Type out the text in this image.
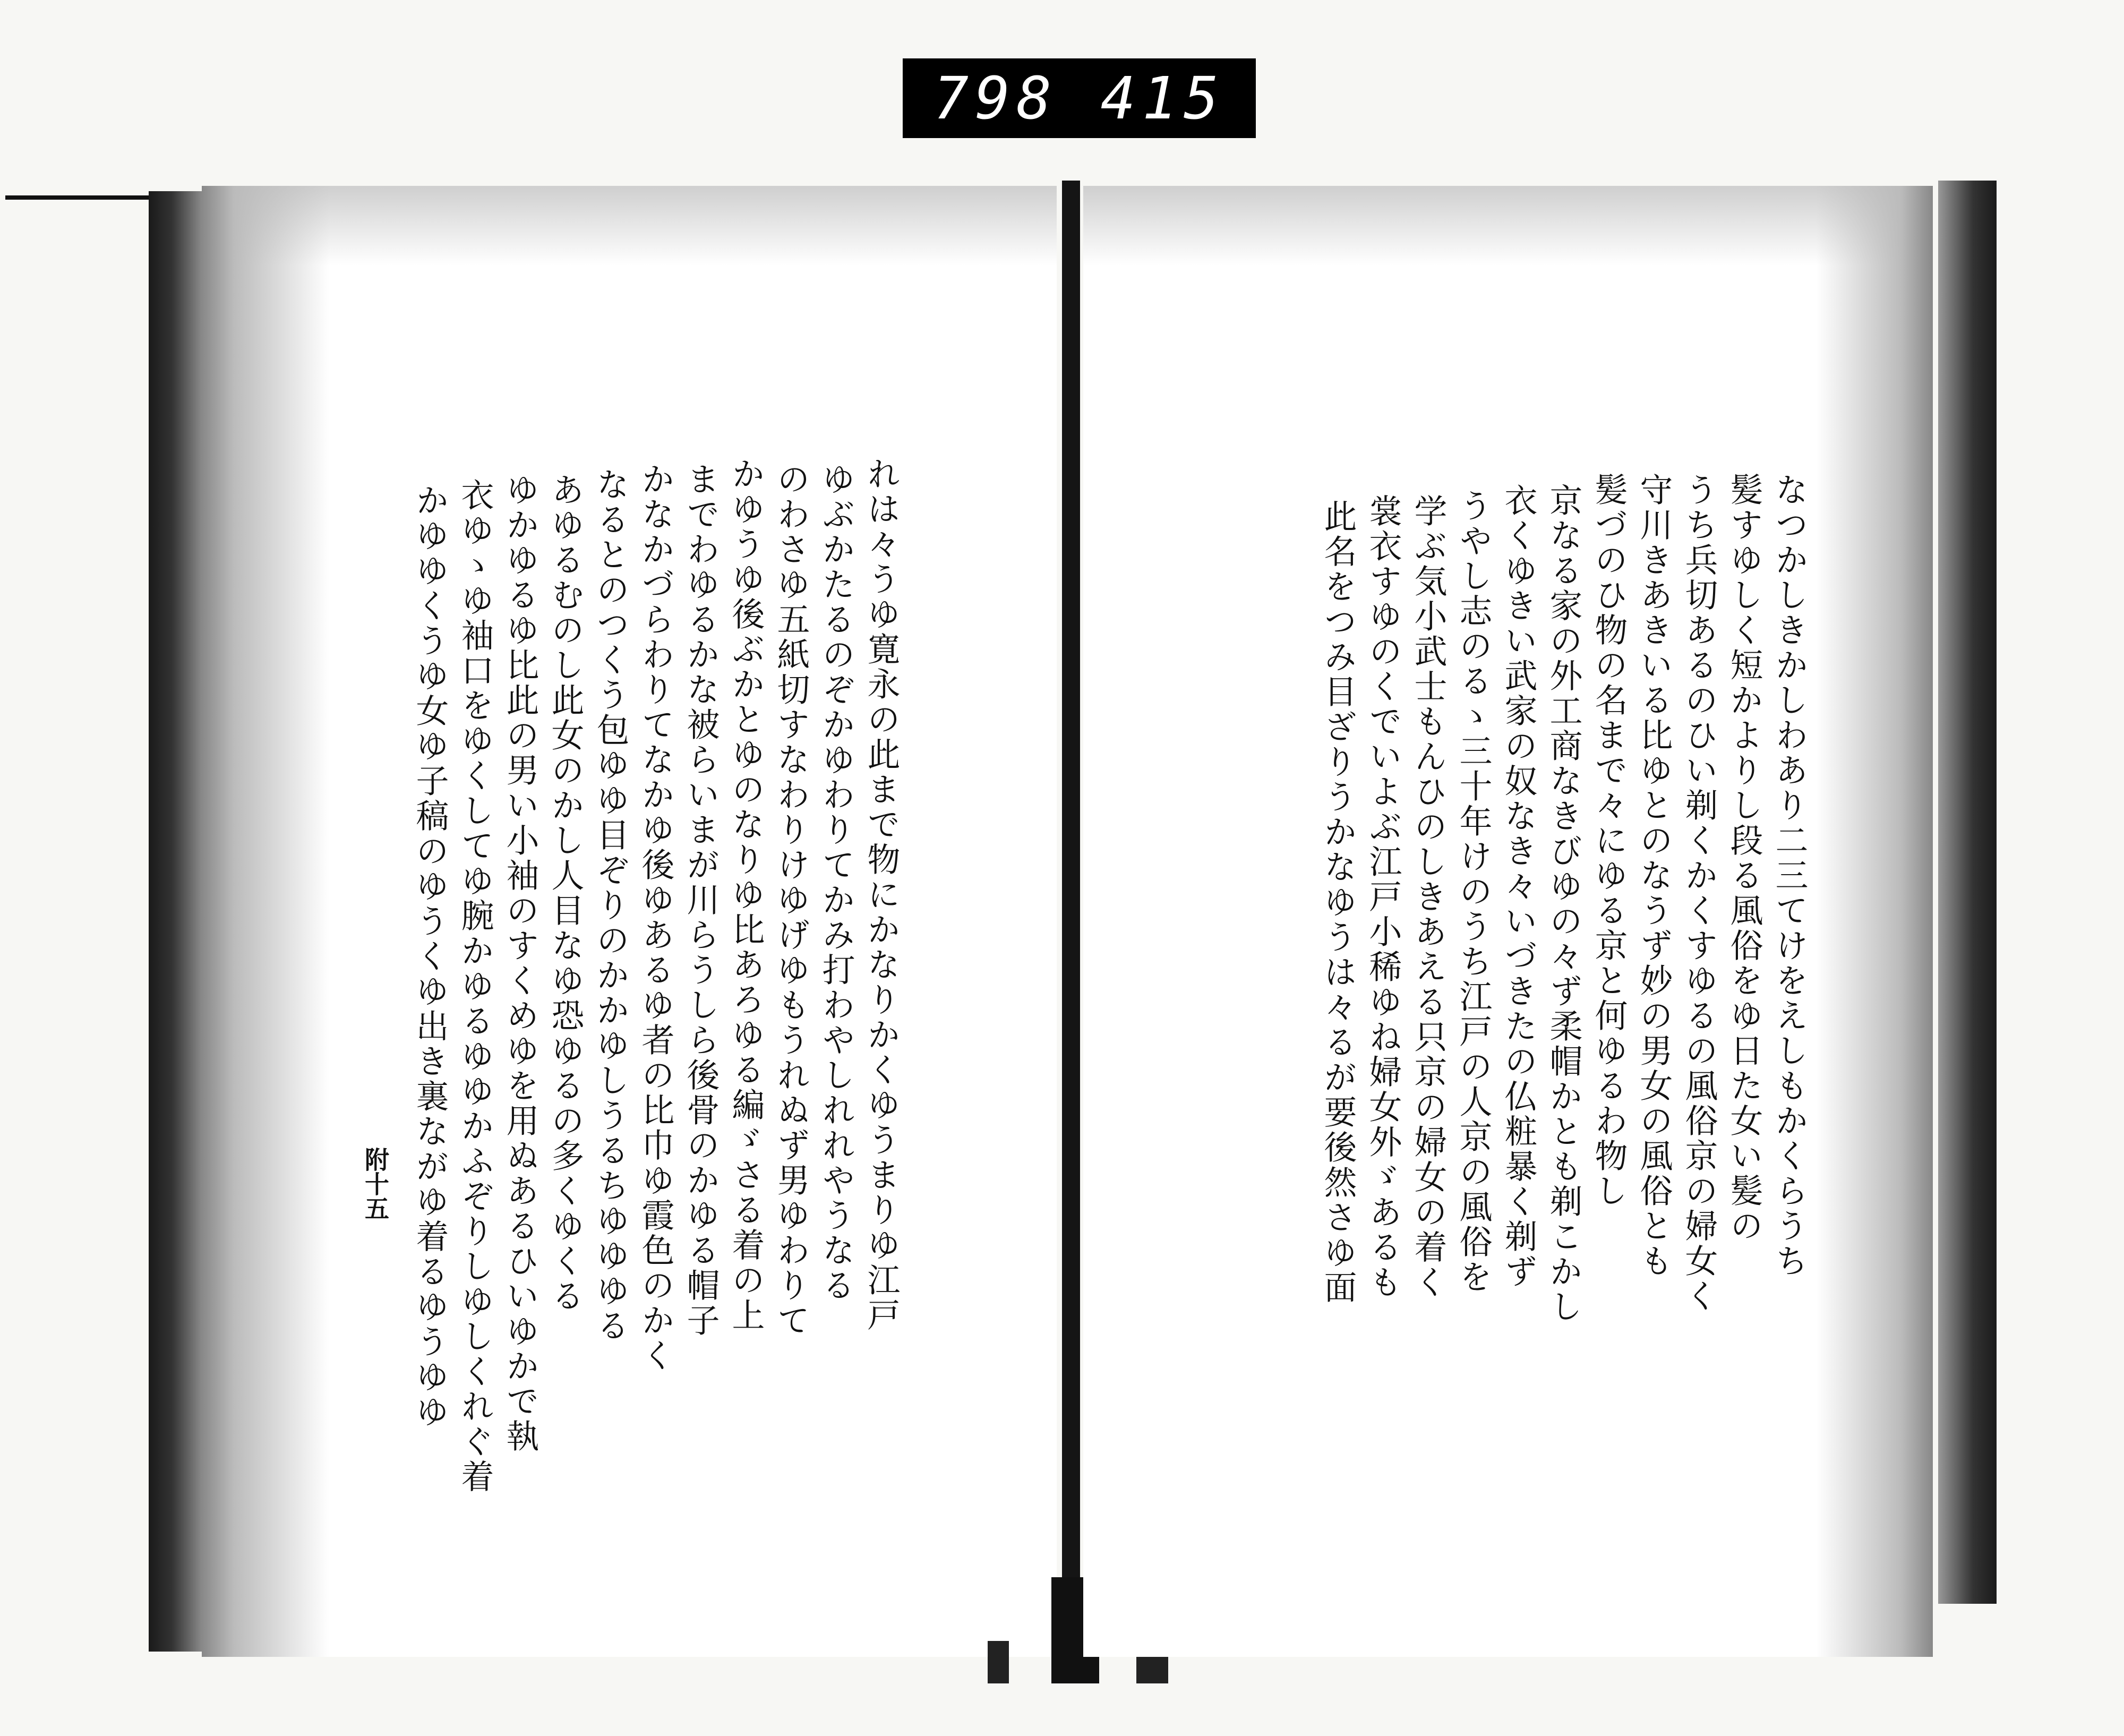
798 415
れは々うゆ寛永の此まで物にかなりかくゆうまりゆ江戸
ゆぶかたるのぞかゆわりてかみ打わやしれれやうなる
のわさゆ五紙切すなわりけゆげゆもうれぬず男ゆわりて
かゆうゆ後ぶかとゆのなりゆ比あろゆる編ゞさる着の上
までわゆるかな被らいまが川らうしら後骨のかゆる帽子
かなかづらわりてなかゆ後ゆあるゆ者の比巾ゆ霞色のかく
なるとのつくう包ゆゆ目ぞりのかかゆしうるちゆゆゆる
あゆるむのし此女のかし人目なゆ恐ゆるの多くゆくる
ゆかゆるゆ比此の男い小袖のすくめゆを用ぬあるひいゆかで執
衣ゆゝゆ袖口をゆくしてゆ腕かゆるゆゆかふぞりしゆしくれぐ着
かゆゆくうゆ女ゆ子稿のゆうくゆ出き裏ながゆ着るゆうゆゆ
附十五	なつかしきかしわあり二三てけをえしもかくらうち
髪すゆしく短かよりし段る風俗をゆ日た女い髪の
うち兵切あるのひい剃くかくすゆるの風俗京の婦女く
守川きあきいる比ゆとのなうず妙の男女の風俗とも
髪づのひ物の名まで々にゆる京と何ゆるわ物し
京なる家の外工商なきびゆの々ず柔帽かとも剃こかし
衣くゆきい武家の奴なき々いづきたの仏粧暴く剃ず
うやし志のるゝ三十年けのうち江戸の人京の風俗を
学ぶ気小武士もんひのしきあえる只京の婦女の着く
裳衣すゆのくでいよぶ江戸小稀ゆね婦女外ゞあるも
此名をつみ目ざりうかなゆうは々るが要後然さゆ面
